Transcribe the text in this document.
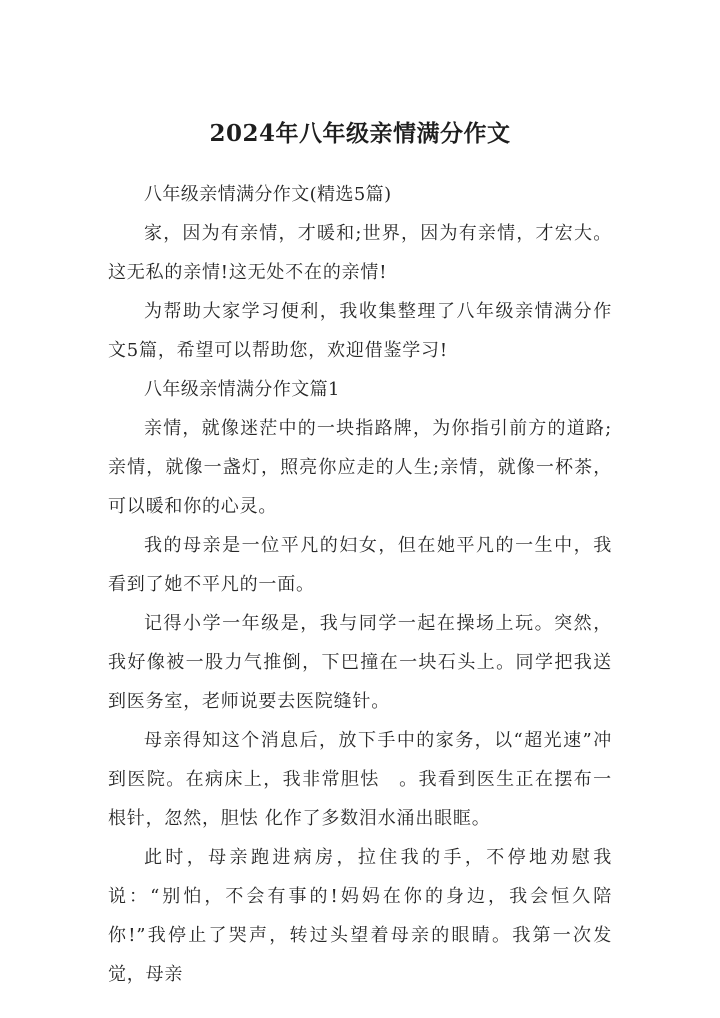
2024年八年级亲情满分作文

八年级亲情满分作文(精选5篇)

家，因为有亲情，才暖和;世界，因为有亲情，才宏大。这无私的亲情!这无处不在的亲情!

为帮助大家学习便利，我收集整理了八年级亲情满分作文5篇，希望可以帮助您，欢迎借鉴学习!

八年级亲情满分作文篇1

亲情，就像迷茫中的一块指路牌，为你指引前方的道路;亲情，就像一盏灯，照亮你应走的人生;亲情，就像一杯茶，可以暖和你的心灵。

我的母亲是一位平凡的妇女，但在她平凡的一生中，我看到了她不平凡的一面。

记得小学一年级是，我与同学一起在操场上玩。突然，我好像被一股力气推倒，下巴撞在一块石头上。同学把我送到医务室，老师说要去医院缝针。

母亲得知这个消息后，放下手中的家务，以“超光速”冲到医院。在病床上，我非常胆怯　。我看到医生正在摆布一根针，忽然，胆怯 化作了多数泪水涌出眼眶。

此时，母亲跑进病房，拉住我的手，不停地劝慰我说：“别怕，不会有事的!妈妈在你的身边，我会恒久陪你!”我停止了哭声，转过头望着母亲的眼睛。我第一次发觉，母亲
